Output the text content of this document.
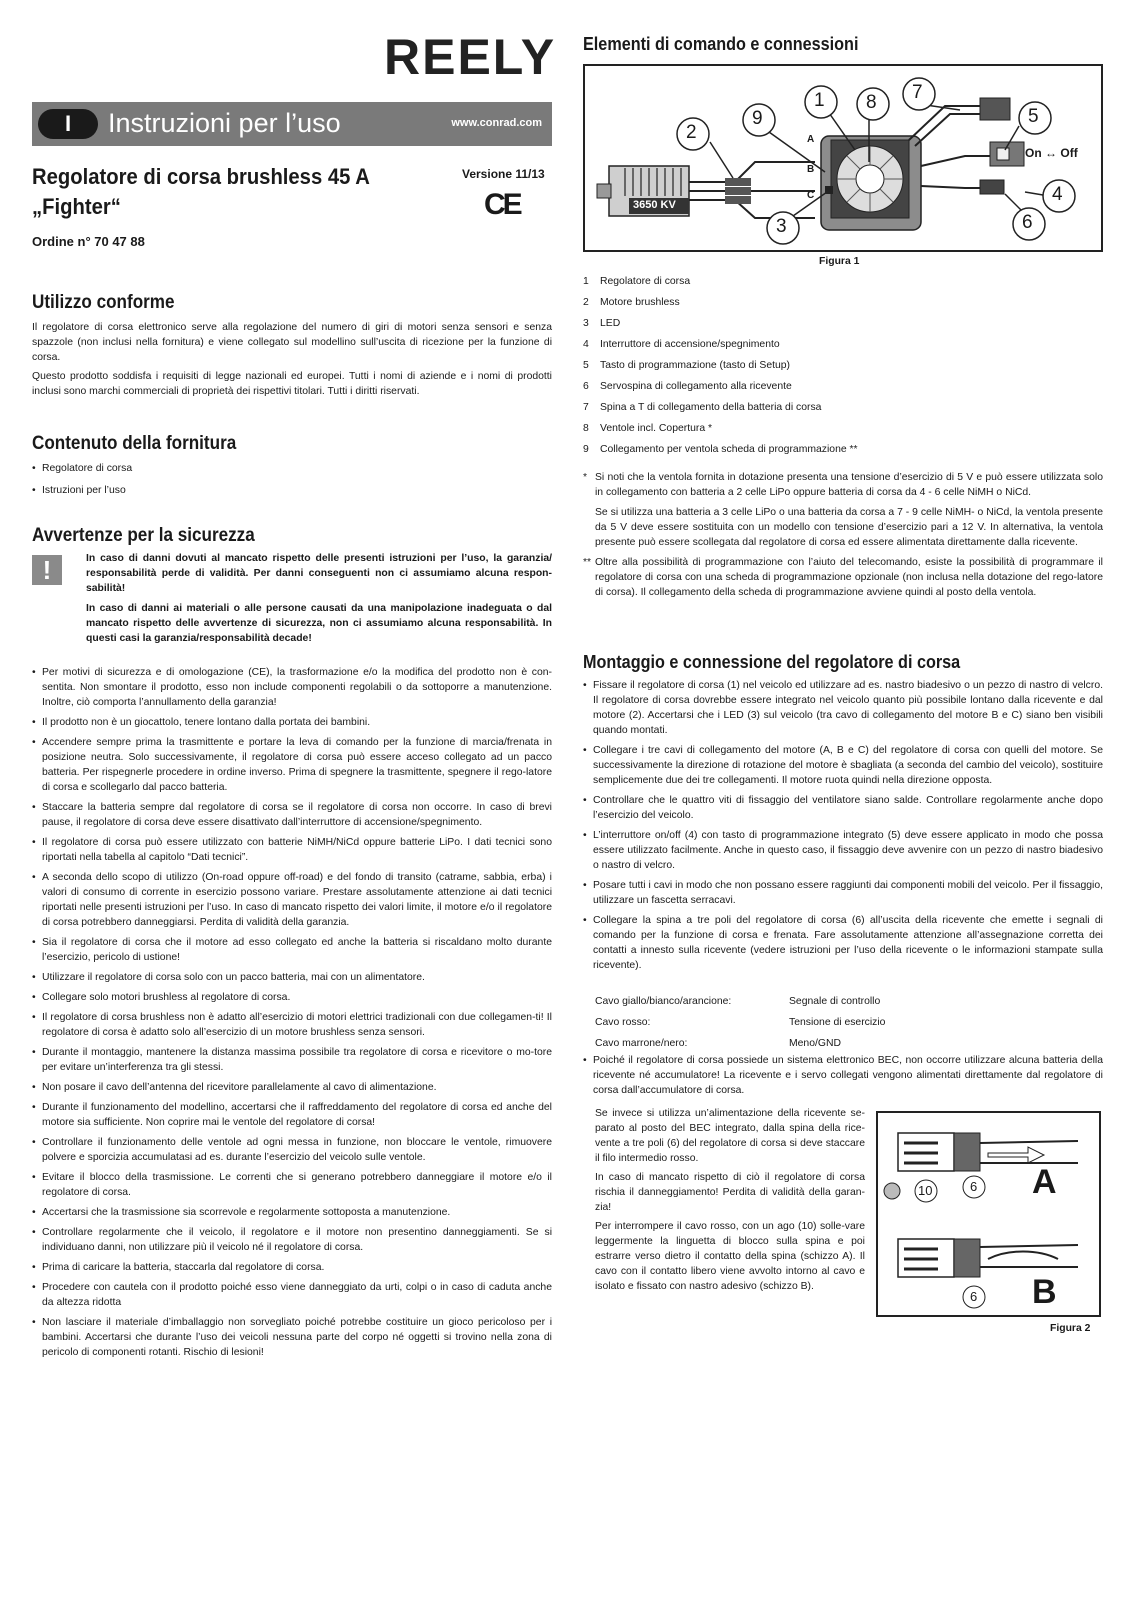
REELY
I	Instruzioni per l’uso	www.conrad.com
Regolatore di corsa brushless 45 A
„Fighter“
Versione 11/13
CE
Ordine n° 70 47 88
Utilizzo conforme

Il regolatore di corsa elettronico serve alla regolazione del numero di giri di motori senza sensori e senza spazzole (non inclusi nella fornitura) e viene collegato sul modellino sull’uscita di ricezione per la funzione di corsa.

Questo prodotto soddisfa i requisiti di legge nazionali ed europei. Tutti i nomi di aziende e i nomi di prodotti inclusi sono marchi commerciali di proprietà dei rispettivi titolari. Tutti i diritti riservati.

Contenuto della fornitura
• Regolatore di corsa
• Istruzioni per l’uso
Avvertenze per la sicurezza
!	In caso di danni dovuti al mancato rispetto delle presenti istruzioni per l’uso, la garanzia/ responsabilità perde di validità. Per danni conseguenti non ci assumiamo alcuna respon-sabilità!

In caso di danni ai materiali o alle persone causati da una manipolazione inadeguata o dal mancato rispetto delle avvertenze di sicurezza, non ci assumiamo alcuna responsabilità. In questi casi la garanzia/responsabilità decade!

• Per motivi di sicurezza e di omologazione (CE), la trasformazione e/o la modifica del prodotto non è con-sentita. Non smontare il prodotto, esso non include componenti regolabili o da sottoporre a manutenzione. Inoltre, ciò comporta l’annullamento della garanzia!
• Il prodotto non è un giocattolo, tenere lontano dalla portata dei bambini.
• Accendere sempre prima la trasmittente e portare la leva di comando per la funzione di marcia/frenata in posizione neutra. Solo successivamente, il regolatore di corsa può essere acceso collegato ad un pacco batteria. Per rispegnerle procedere in ordine inverso. Prima di spegnere la trasmittente, spegnere il rego-latore di corsa e scollegarlo dal pacco batteria.
• Staccare la batteria sempre dal regolatore di corsa se il regolatore di corsa non occorre. In caso di brevi pause, il regolatore di corsa deve essere disattivato dall’interruttore di accensione/spegnimento.
• Il regolatore di corsa può essere utilizzato con batterie NiMH/NiCd oppure batterie LiPo. I dati tecnici sono riportati nella tabella al capitolo “Dati tecnici”.
• A seconda dello scopo di utilizzo (On-road oppure off-road) e del fondo di transito (catrame, sabbia, erba) i valori di consumo di corrente in esercizio possono variare. Prestare assolutamente attenzione ai dati tecnici riportati nelle presenti istruzioni per l’uso. In caso di mancato rispetto dei valori limite, il motore e/o il regolatore di corsa potrebbero danneggiarsi. Perdita di validità della garanzia.
• Sia il regolatore di corsa che il motore ad esso collegato ed anche la batteria si riscaldano molto durante l’esercizio, pericolo di ustione!
• Utilizzare il regolatore di corsa solo con un pacco batteria, mai con un alimentatore.
• Collegare solo motori brushless al regolatore di corsa.
• Il regolatore di corsa brushless non è adatto all’esercizio di motori elettrici tradizionali con due collegamen-ti! Il regolatore di corsa è adatto solo all’esercizio di un motore brushless senza sensori.
• Durante il montaggio, mantenere la distanza massima possibile tra regolatore di corsa e ricevitore o mo-tore per evitare un’interferenza tra gli stessi.
• Non posare il cavo dell’antenna del ricevitore parallelamente al cavo di alimentazione.
• Durante il funzionamento del modellino, accertarsi che il raffreddamento del regolatore di corsa ed anche del motore sia sufficiente. Non coprire mai le ventole del regolatore di corsa!
• Controllare il funzionamento delle ventole ad ogni messa in funzione, non bloccare le ventole, rimuovere polvere e sporcizia accumulatasi ad es. durante l’esercizio del veicolo sulle ventole.
• Evitare il blocco della trasmissione. Le correnti che si generano potrebbero danneggiare il motore e/o il regolatore di corsa.
• Accertarsi che la trasmissione sia scorrevole e regolarmente sottoposta a manutenzione.
• Controllare regolarmente che il veicolo, il regolatore e il motore non presentino danneggiamenti. Se si individuano danni, non utilizzare più il veicolo né il regolatore di corsa.
• Prima di caricare la batteria, staccarla dal regolatore di corsa.
• Procedere con cautela con il prodotto poiché esso viene danneggiato da urti, colpi o in caso di caduta anche da altezza ridotta
• Non lasciare il materiale d’imballaggio non sorvegliato poiché potrebbe costituire un gioco pericoloso per i bambini. Accertarsi che durante l’uso dei veicoli nessuna parte del corpo né oggetti si trovino nella zona di pericolo di componenti rotanti. Rischio di lesioni!
Elementi di comando e connessioni
3650 KV
2
9
1 8 7
5
4
6
3
A
B
C
On ↔ Off
Figura 1
1 Regolatore di corsa
2 Motore brushless
3 LED
4 Interruttore di accensione/spegnimento
5 Tasto di programmazione (tasto di Setup)
6 Servospina di collegamento alla ricevente
7 Spina a T di collegamento della batteria di corsa
8 Ventole incl. Copertura *
9 Collegamento per ventola scheda di programmazione **

* Si noti che la ventola fornita in dotazione presenta una tensione d’esercizio di 5 V e può essere utilizzata solo in collegamento con batteria a 2 celle LiPo oppure batteria di corsa da 4 - 6 celle NiMH o NiCd.

Se si utilizza una batteria a 3 celle LiPo o una batteria da corsa a 7 - 9 celle NiMH- o NiCd, la ventola presente da 5 V deve essere sostituita con un modello con tensione d’esercizio pari a 12 V. In alternativa, la ventola presente può essere scollegata dal regolatore di corsa ed essere alimentata direttamente dalla ricevente.

** Oltre alla possibilità di programmazione con l’aiuto del telecomando, esiste la possibilità di programmare il regolatore di corsa con una scheda di programmazione opzionale (non inclusa nella dotazione del rego-latore di corsa). Il collegamento della scheda di programmazione avviene quindi al posto della ventola.

Montaggio e connessione del regolatore di corsa
• Fissare il regolatore di corsa (1) nel veicolo ed utilizzare ad es. nastro biadesivo o un pezzo di nastro di velcro. Il regolatore di corsa dovrebbe essere integrato nel veicolo quanto più possibile lontano dalla ricevente e dal motore (2). Accertarsi che i LED (3) sul veicolo (tra cavo di collegamento del motore B e C) siano ben visibili quando montati.
• Collegare i tre cavi di collegamento del motore (A, B e C) del regolatore di corsa con quelli del motore. Se successivamente la direzione di rotazione del motore è sbagliata (a seconda del cambio del veicolo), sostituire semplicemente due dei tre collegamenti. Il motore ruota quindi nella direzione opposta.
• Controllare che le quattro viti di fissaggio del ventilatore siano salde. Controllare regolarmente anche dopo l’esercizio del veicolo.
• L’interruttore on/off (4) con tasto di programmazione integrato (5) deve essere applicato in modo che possa essere utilizzato facilmente. Anche in questo caso, il fissaggio deve avvenire con un pezzo di nastro biadesivo o nastro di velcro.
• Posare tutti i cavi in modo che non possano essere raggiunti dai componenti mobili del veicolo. Per il fissaggio, utilizzare un fascetta serracavi.
• Collegare la spina a tre poli del regolatore di corsa (6) all’uscita della ricevente che emette i segnali di comando per la funzione di corsa e frenata. Fare assolutamente attenzione all’assegnazione corretta dei contatti a innesto sulla ricevente (vedere istruzioni per l’uso della ricevente o le informazioni stampate sulla ricevente).
Cavo giallo/bianco/arancione:	Segnale di controllo
Cavo rosso:	Tensione di esercizio
Cavo marrone/nero:	Meno/GND
• Poiché il regolatore di corsa possiede un sistema elettronico BEC, non occorre utilizzare alcuna batteria della ricevente né accumulatore! La ricevente e i servo collegati vengono alimentati direttamente dal regolatore di corsa dall’accumulatore di corsa.

Se invece si utilizza un’alimentazione della ricevente se-parato al posto del BEC integrato, dalla spina della rice-vente a tre poli (6) del regolatore di corsa si deve staccare il filo intermedio rosso.

In caso di mancato rispetto di ciò il regolatore di corsa rischia il danneggiamento! Perdita di validità della garan-zia!

Per interrompere il cavo rosso, con un ago (10) solle-vare leggermente la linguetta di blocco sulla spina e poi estrarre verso dietro il contatto della spina (schizzo A). Il cavo con il contatto libero viene avvolto intorno al cavo e isolato e fissato con nastro adesivo (schizzo B).

A
B
10	6
6
Figura 2
